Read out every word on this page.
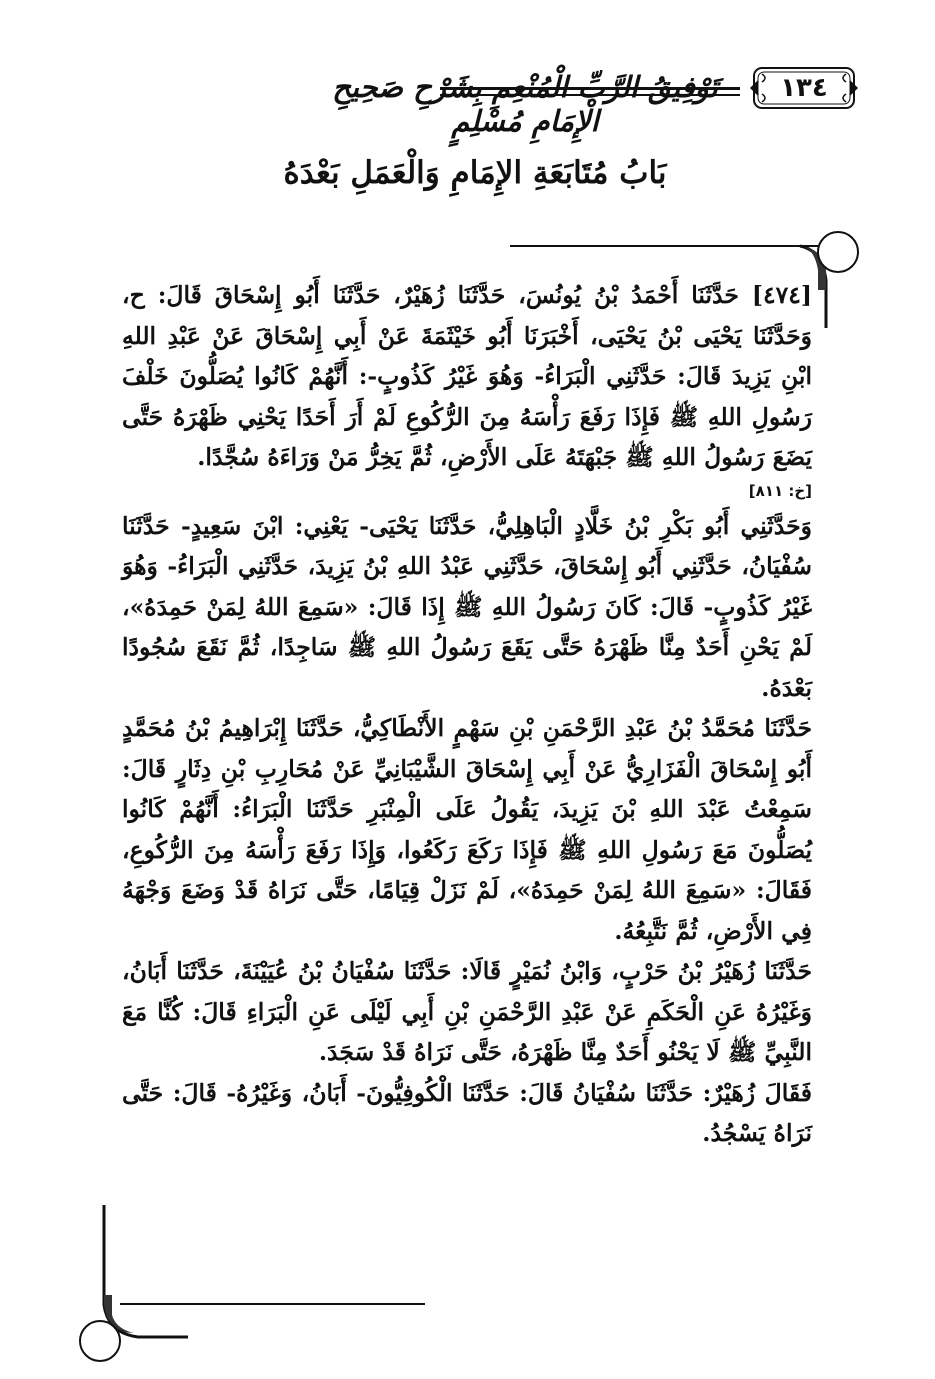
تَوْفِيقُ الرَّبِّ الْمُنْعِمِ بِشَرْحِ صَحِيحِ الْإِمَامِ مُسْلِمٍ
١٣٤
بَابُ مُتَابَعَةِ الإِمَامِ وَالْعَمَلِ بَعْدَهُ

[٤٧٤] حَدَّثَنَا أَحْمَدُ بْنُ يُونُسَ، حَدَّثَنَا زُهَيْرٌ، حَدَّثَنَا أَبُو إِسْحَاقَ قَالَ: ح، وَحَدَّثَنَا يَحْيَى بْنُ يَحْيَى، أَخْبَرَنَا أَبُو خَيْثَمَةَ عَنْ أَبِي إِسْحَاقَ عَنْ عَبْدِ اللهِ ابْنِ يَزِيدَ قَالَ: حَدَّثَنِي الْبَرَاءُ- وَهُوَ غَيْرُ كَذُوبٍ-: أَنَّهُمْ كَانُوا يُصَلُّونَ خَلْفَ رَسُولِ اللهِ ﷺ فَإِذَا رَفَعَ رَأْسَهُ مِنَ الرُّكُوعِ لَمْ أَرَ أَحَدًا يَحْنِي ظَهْرَهُ حَتَّى يَضَعَ رَسُولُ اللهِ ﷺ جَبْهَتَهُ عَلَى الأَرْضِ، ثُمَّ يَخِرُّ مَنْ وَرَاءَهُ سُجَّدًا.

[خ: ٨١١]

وَحَدَّثَنِي أَبُو بَكْرِ بْنُ خَلَّادٍ الْبَاهِلِيُّ، حَدَّثَنَا يَحْيَى- يَعْنِي: ابْنَ سَعِيدٍ- حَدَّثَنَا سُفْيَانُ، حَدَّثَنِي أَبُو إِسْحَاقَ، حَدَّثَنِي عَبْدُ اللهِ بْنُ يَزِيدَ، حَدَّثَنِي الْبَرَاءُ- وَهُوَ غَيْرُ كَذُوبٍ- قَالَ: كَانَ رَسُولُ اللهِ ﷺ إِذَا قَالَ: «سَمِعَ اللهُ لِمَنْ حَمِدَهُ»، لَمْ يَحْنِ أَحَدٌ مِنَّا ظَهْرَهُ حَتَّى يَقَعَ رَسُولُ اللهِ ﷺ سَاجِدًا، ثُمَّ نَقَعَ سُجُودًا بَعْدَهُ.

حَدَّثَنَا مُحَمَّدُ بْنُ عَبْدِ الرَّحْمَنِ بْنِ سَهْمٍ الأَنْطَاكِيُّ، حَدَّثَنَا إِبْرَاهِيمُ بْنُ مُحَمَّدٍ أَبُو إِسْحَاقَ الْفَزَارِيُّ عَنْ أَبِي إِسْحَاقَ الشَّيْبَانِيِّ عَنْ مُحَارِبِ بْنِ دِثَارٍ قَالَ: سَمِعْتُ عَبْدَ اللهِ بْنَ يَزِيدَ، يَقُولُ عَلَى الْمِنْبَرِ حَدَّثَنَا الْبَرَاءُ: أَنَّهُمْ كَانُوا يُصَلُّونَ مَعَ رَسُولِ اللهِ ﷺ فَإِذَا رَكَعَ رَكَعُوا، وَإِذَا رَفَعَ رَأْسَهُ مِنَ الرُّكُوعِ، فَقَالَ: «سَمِعَ اللهُ لِمَنْ حَمِدَهُ»، لَمْ نَزَلْ قِيَامًا، حَتَّى نَرَاهُ قَدْ وَضَعَ وَجْهَهُ فِي الأَرْضِ، ثُمَّ نَتَّبِعُهُ.

حَدَّثَنَا زُهَيْرُ بْنُ حَرْبٍ، وَابْنُ نُمَيْرٍ قَالَا: حَدَّثَنَا سُفْيَانُ بْنُ عُيَيْنَةَ، حَدَّثَنَا أَبَانُ، وَغَيْرُهُ عَنِ الْحَكَمِ عَنْ عَبْدِ الرَّحْمَنِ بْنِ أَبِي لَيْلَى عَنِ الْبَرَاءِ قَالَ: كُنَّا مَعَ النَّبِيِّ ﷺ لَا يَحْنُو أَحَدٌ مِنَّا ظَهْرَهُ، حَتَّى نَرَاهُ قَدْ سَجَدَ.

فَقَالَ زُهَيْرٌ: حَدَّثَنَا سُفْيَانُ قَالَ: حَدَّثَنَا الْكُوفِيُّونَ- أَبَانُ، وَغَيْرُهُ- قَالَ: حَتَّى نَرَاهُ يَسْجُدُ.
